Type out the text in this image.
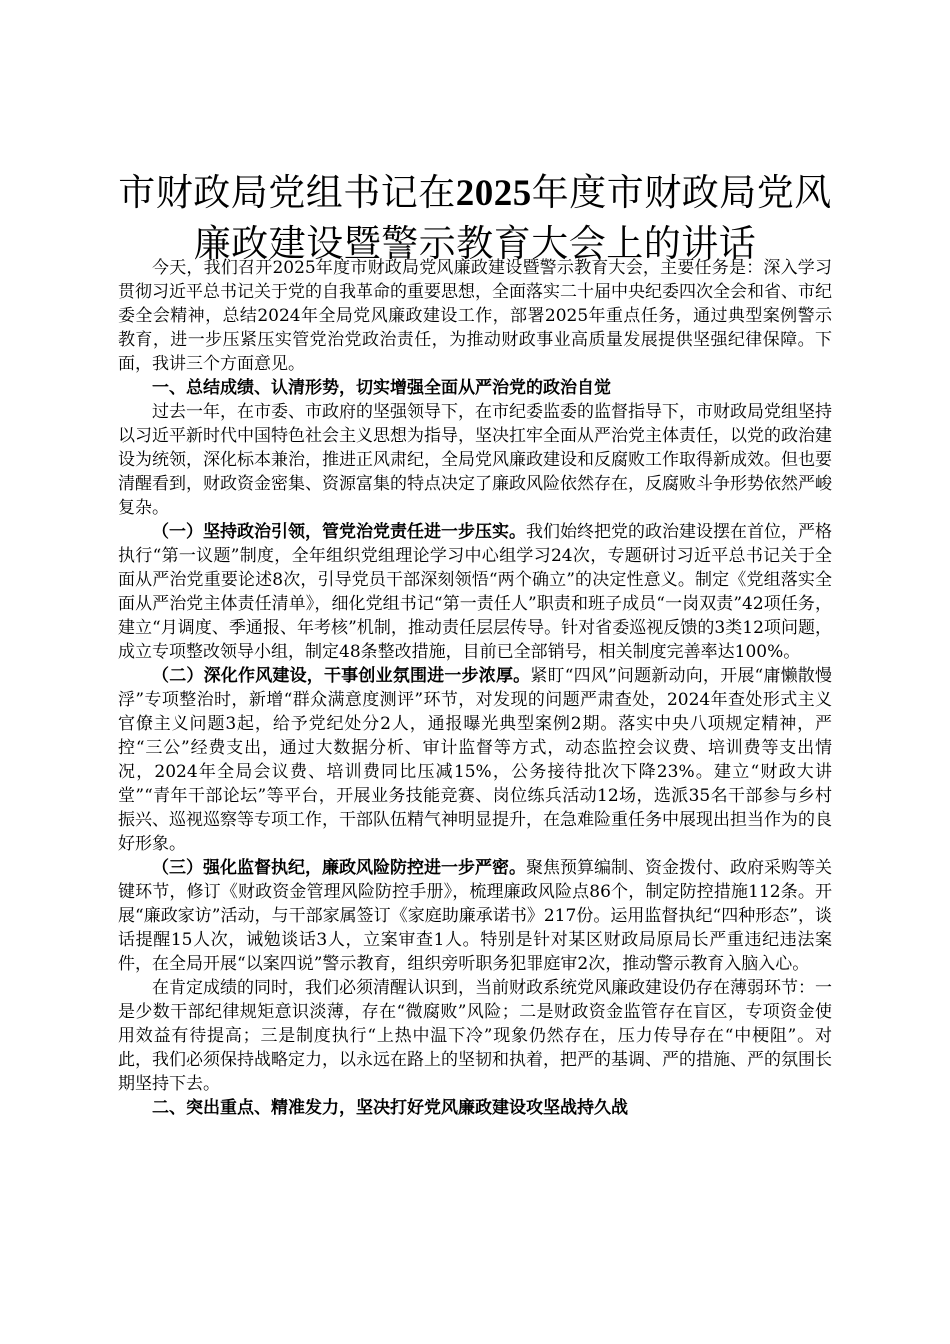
市财政局党组书记在2025年度市财政局党风
廉政建设暨警示教育大会上的讲话

今天，我们召开2025年度市财政局党风廉政建设暨警示教育大会，主要任务是：深入学习贯彻习近平总书记关于党的自我革命的重要思想，全面落实二十届中央纪委四次全会和省、市纪委全会精神，总结2024年全局党风廉政建设工作，部署2025年重点任务，通过典型案例警示教育，进一步压紧压实管党治党政治责任，为推动财政事业高质量发展提供坚强纪律保障。下面，我讲三个方面意见。

一、总结成绩、认清形势，切实增强全面从严治党的政治自觉

过去一年，在市委、市政府的坚强领导下，在市纪委监委的监督指导下，市财政局党组坚持以习近平新时代中国特色社会主义思想为指导，坚决扛牢全面从严治党主体责任，以党的政治建设为统领，深化标本兼治，推进正风肃纪，全局党风廉政建设和反腐败工作取得新成效。但也要清醒看到，财政资金密集、资源富集的特点决定了廉政风险依然存在，反腐败斗争形势依然严峻复杂。

（一）坚持政治引领，管党治党责任进一步压实。我们始终把党的政治建设摆在首位，严格执行“第一议题”制度，全年组织党组理论学习中心组学习24次，专题研讨习近平总书记关于全面从严治党重要论述8次，引导党员干部深刻领悟“两个确立”的决定性意义。制定《党组落实全面从严治党主体责任清单》，细化党组书记“第一责任人”职责和班子成员“一岗双责”42项任务，建立“月调度、季通报、年考核”机制，推动责任层层传导。针对省委巡视反馈的3类12项问题，成立专项整改领导小组，制定48条整改措施，目前已全部销号，相关制度完善率达100%。

（二）深化作风建设，干事创业氛围进一步浓厚。紧盯“四风”问题新动向，开展“庸懒散慢浮”专项整治时，新增“群众满意度测评”环节，对发现的问题严肃查处，2024年查处形式主义官僚主义问题3起，给予党纪处分2人，通报曝光典型案例2期。落实中央八项规定精神，严控“三公”经费支出，通过大数据分析、审计监督等方式，动态监控会议费、培训费等支出情况，2024年全局会议费、培训费同比压减15%，公务接待批次下降23%。建立“财政大讲堂”“青年干部论坛”等平台，开展业务技能竞赛、岗位练兵活动12场，选派35名干部参与乡村振兴、巡视巡察等专项工作，干部队伍精气神明显提升，在急难险重任务中展现出担当作为的良好形象。

（三）强化监督执纪，廉政风险防控进一步严密。聚焦预算编制、资金拨付、政府采购等关键环节，修订《财政资金管理风险防控手册》，梳理廉政风险点86个，制定防控措施112条。开展“廉政家访”活动，与干部家属签订《家庭助廉承诺书》217份。运用监督执纪“四种形态”，谈话提醒15人次，诫勉谈话3人，立案审查1人。特别是针对某区财政局原局长严重违纪违法案件，在全局开展“以案四说”警示教育，组织旁听职务犯罪庭审2次，推动警示教育入脑入心。

在肯定成绩的同时，我们必须清醒认识到，当前财政系统党风廉政建设仍存在薄弱环节：一是少数干部纪律规矩意识淡薄，存在“微腐败”风险；二是财政资金监管存在盲区，专项资金使用效益有待提高；三是制度执行“上热中温下冷”现象仍然存在，压力传导存在“中梗阻”。对此，我们必须保持战略定力，以永远在路上的坚韧和执着，把严的基调、严的措施、严的氛围长期坚持下去。

二、突出重点、精准发力，坚决打好党风廉政建设攻坚战持久战
